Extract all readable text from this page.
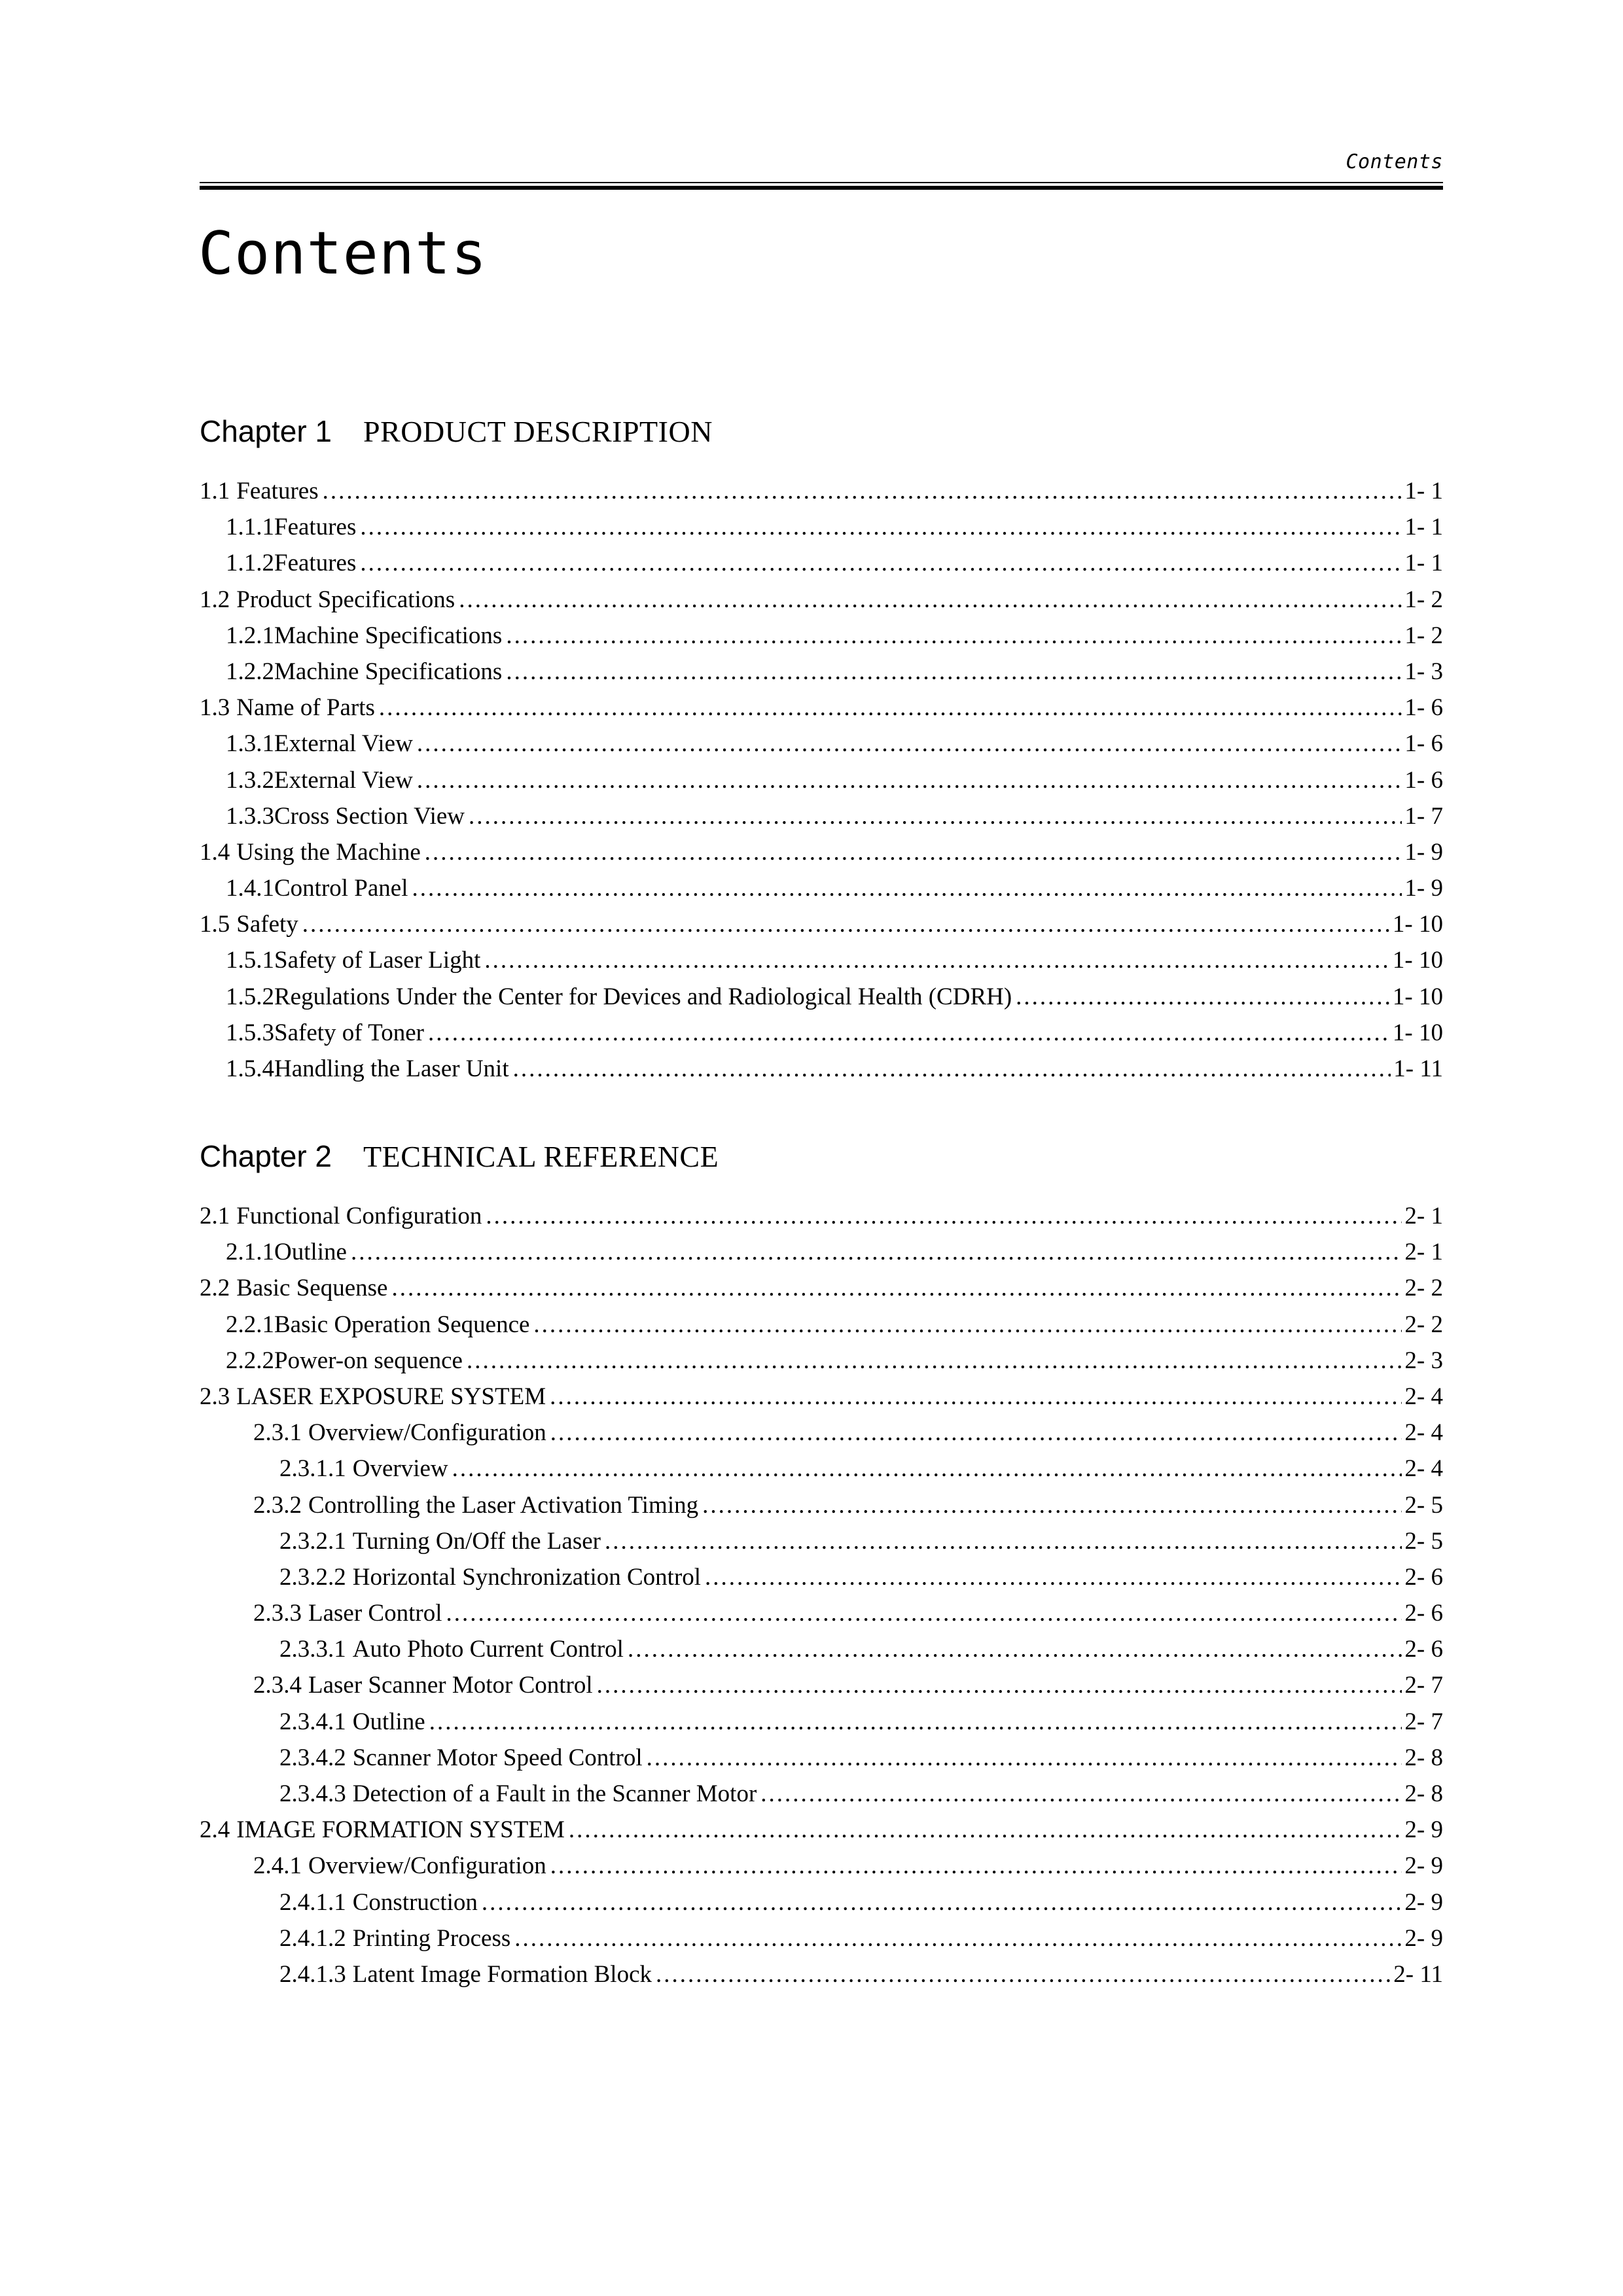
Contents
Contents
Chapter 1 PRODUCT DESCRIPTION
1.1 Features .....	1- 1
1.1.1 Features .....	1- 1
1.1.2 Features .....	1- 1
1.2 Product Specifications .....	1- 2
1.2.1 Machine Specifications .....	1- 2
1.2.2 Machine Specifications .....	1- 3
1.3 Name of Parts .....	1- 6
1.3.1 External View .....	1- 6
1.3.2 External View .....	1- 6
1.3.3 Cross Section View .....	1- 7
1.4 Using the Machine .....	1- 9
1.4.1 Control Panel .....	1- 9
1.5 Safety .....	1- 10
1.5.1 Safety of Laser Light .....	1- 10
1.5.2 Regulations Under the Center for Devices and Radiological Health (CDRH) .....	1- 10
1.5.3 Safety of Toner .....	1- 10
1.5.4 Handling the Laser Unit .....	1- 11
Chapter 2 TECHNICAL REFERENCE
2.1 Functional Configuration .....	2- 1
2.1.1 Outline .....	2- 1
2.2 Basic Sequense .....	2- 2
2.2.1 Basic Operation Sequence .....	2- 2
2.2.2 Power-on sequence .....	2- 3
2.3 LASER EXPOSURE SYSTEM .....	2- 4
2.3.1 Overview/Configuration .....	2- 4
2.3.1.1 Overview .....	2- 4
2.3.2 Controlling the Laser Activation Timing .....	2- 5
2.3.2.1 Turning On/Off the Laser .....	2- 5
2.3.2.2 Horizontal Synchronization Control .....	2- 6
2.3.3 Laser Control .....	2- 6
2.3.3.1 Auto Photo Current Control .....	2- 6
2.3.4 Laser Scanner Motor Control .....	2- 7
2.3.4.1 Outline .....	2- 7
2.3.4.2 Scanner Motor Speed Control .....	2- 8
2.3.4.3 Detection of a Fault in the Scanner Motor .....	2- 8
2.4 IMAGE FORMATION SYSTEM .....	2- 9
2.4.1 Overview/Configuration .....	2- 9
2.4.1.1 Construction .....	2- 9
2.4.1.2 Printing Process .....	2- 9
2.4.1.3 Latent Image Formation Block .....	2- 11
